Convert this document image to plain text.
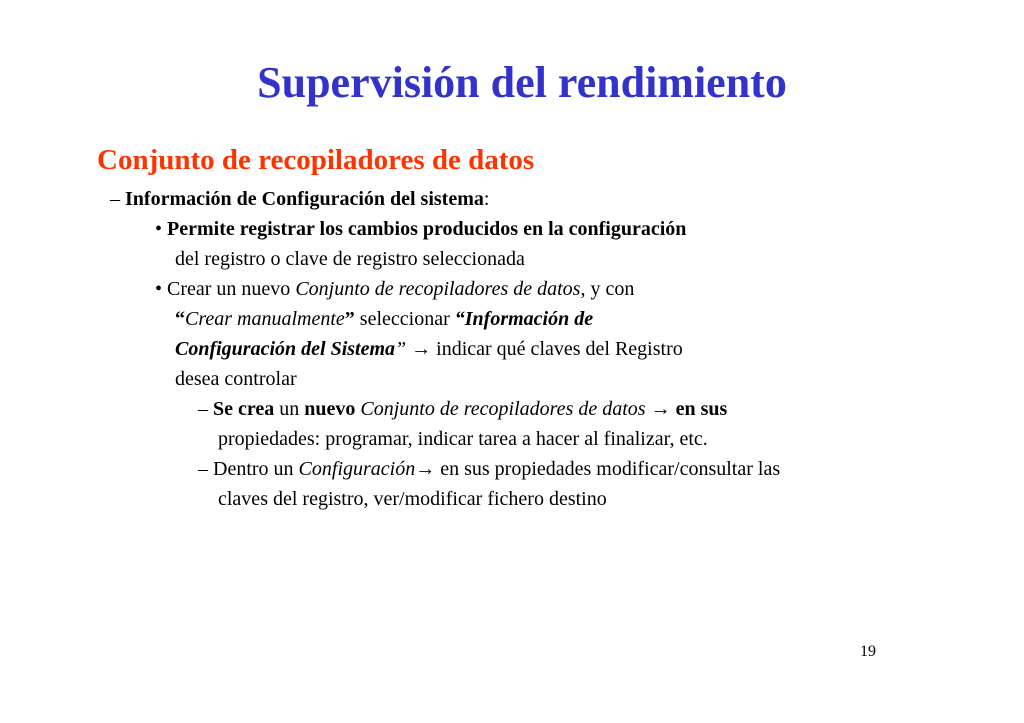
Supervisión del rendimiento
Conjunto de recopiladores de datos
– Información de Configuración del sistema:
• Permite registrar los cambios producidos en la configuración
del registro o clave de registro seleccionada
• Crear un nuevo Conjunto de recopiladores de datos, y con
“Crear manualmente” seleccionar “Información de
Configuración del Sistema” → indicar qué claves del Registro
desea controlar
– Se crea un nuevo Conjunto de recopiladores de datos → en sus
propiedades: programar, indicar tarea a hacer al finalizar, etc.
– Dentro un Configuración→ en sus propiedades modificar/consultar las
claves del registro, ver/modificar fichero destino
19
